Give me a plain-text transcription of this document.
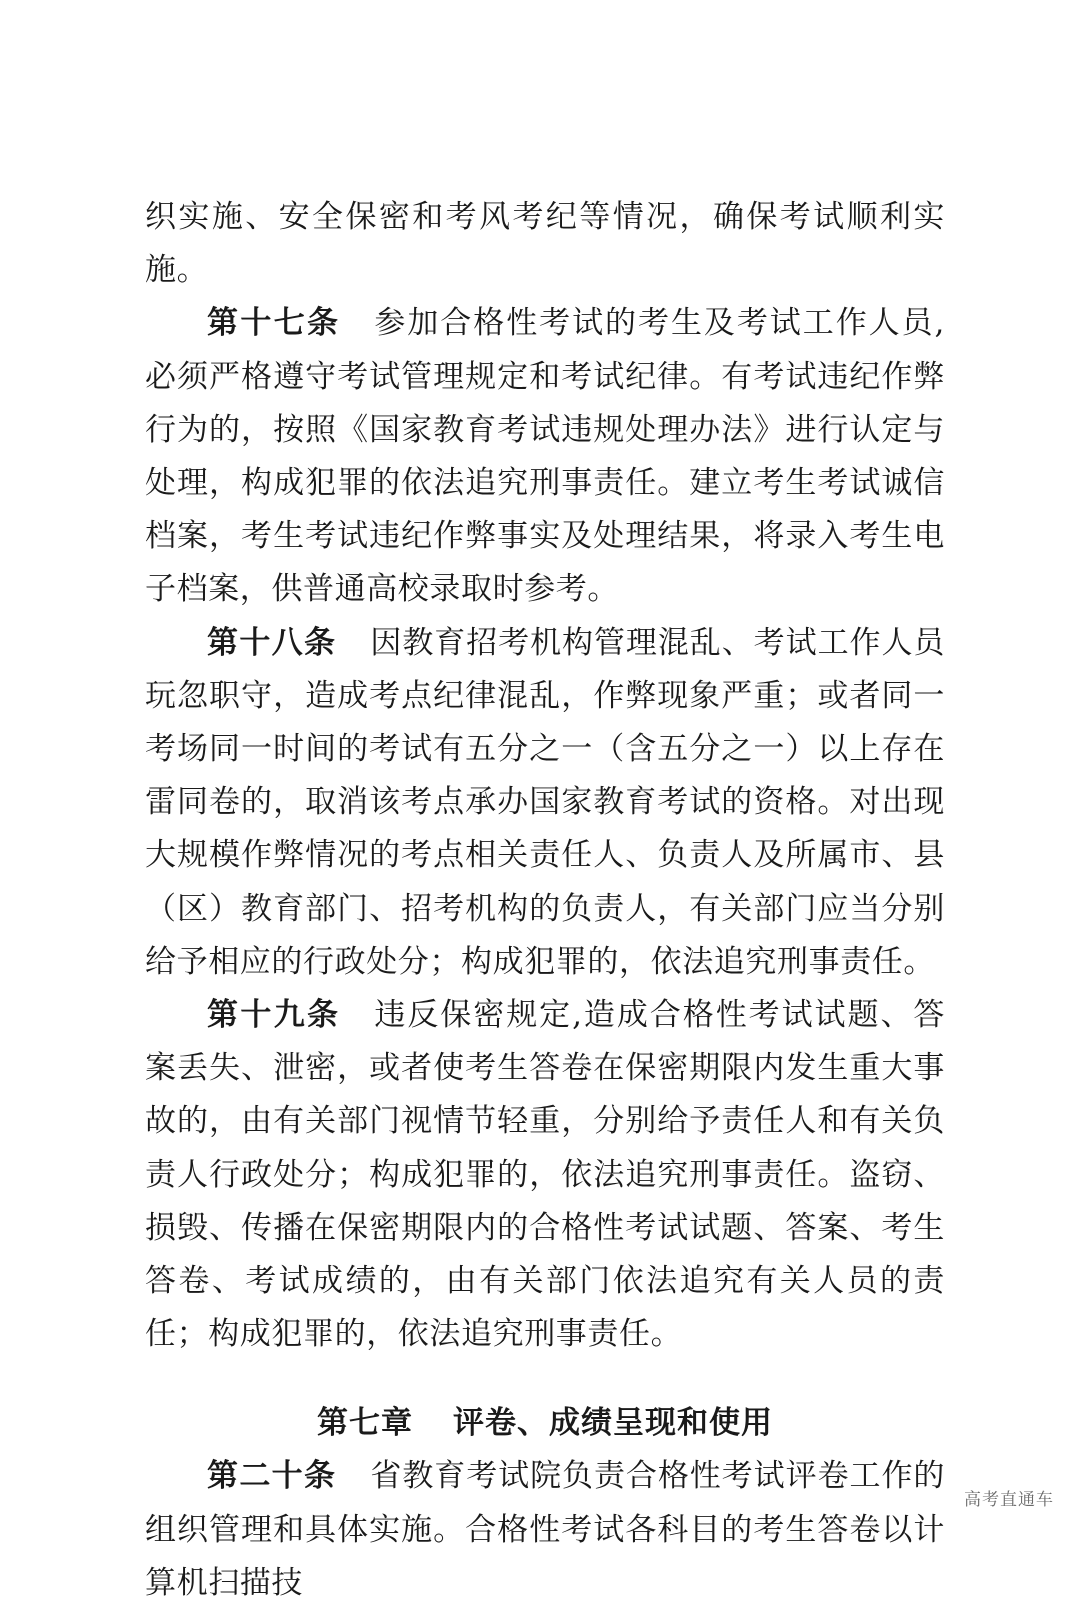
织实施、安全保密和考风考纪等情况，确保考试顺利实施。

第十七条 参加合格性考试的考生及考试工作人员,必须严格遵守考试管理规定和考试纪律。有考试违纪作弊行为的，按照《国家教育考试违规处理办法》进行认定与处理，构成犯罪的依法追究刑事责任。建立考生考试诚信档案，考生考试违纪作弊事实及处理结果，将录入考生电子档案，供普通高校录取时参考。

第十八条 因教育招考机构管理混乱、考试工作人员玩忽职守，造成考点纪律混乱，作弊现象严重；或者同一考场同一时间的考试有五分之一（含五分之一）以上存在雷同卷的，取消该考点承办国家教育考试的资格。对出现大规模作弊情况的考点相关责任人、负责人及所属市、县（区）教育部门、招考机构的负责人，有关部门应当分别给予相应的行政处分；构成犯罪的，依法追究刑事责任。

第十九条 违反保密规定,造成合格性考试试题、答案丢失、泄密，或者使考生答卷在保密期限内发生重大事故的，由有关部门视情节轻重，分别给予责任人和有关负责人行政处分；构成犯罪的，依法追究刑事责任。盗窃、损毁、传播在保密期限内的合格性考试试题、答案、考生答卷、考试成绩的，由有关部门依法追究有关人员的责任；构成犯罪的，依法追究刑事责任。

第七章 评卷、成绩呈现和使用

第二十条 省教育考试院负责合格性考试评卷工作的组织管理和具体实施。合格性考试各科目的考生答卷以计算机扫描技

高考直通车
